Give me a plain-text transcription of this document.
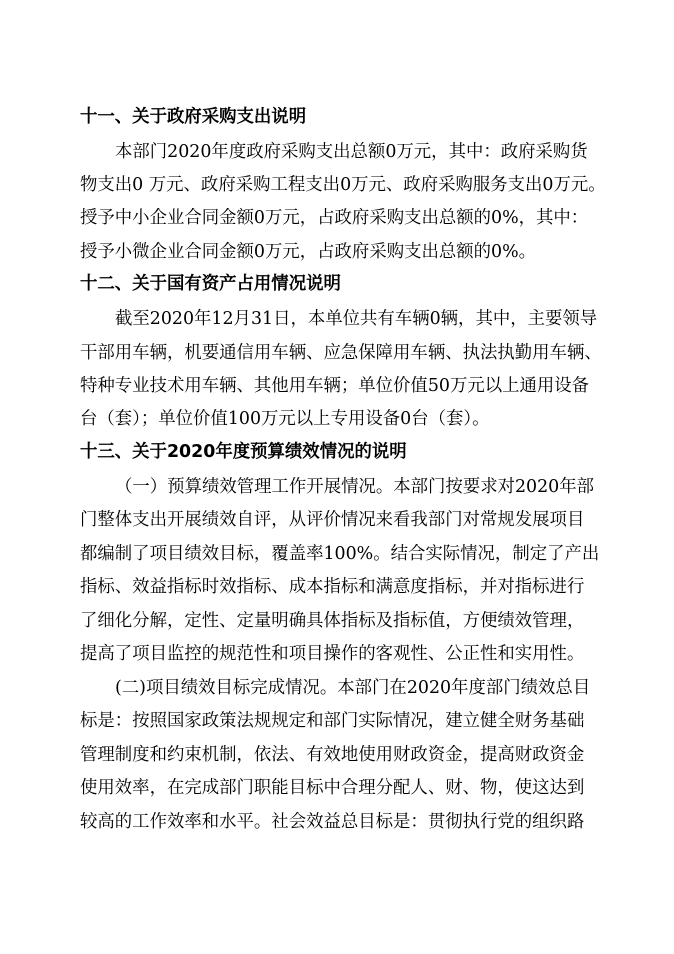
十一、关于政府采购支出说明
本部门2020年度政府采购支出总额0万元，其中：政府采购货
物支出0 万元、政府采购工程支出0万元、政府采购服务支出0万元。
授予中小企业合同金额0万元，占政府采购支出总额的0%，其中：
授予小微企业合同金额0万元，占政府采购支出总额的0%。
十二、关于国有资产占用情况说明
截至2020年12月31日，本单位共有车辆0辆，其中，主要领导
干部用车辆，机要通信用车辆、应急保障用车辆、执法执勤用车辆、
特种专业技术用车辆、其他用车辆；单位价值50万元以上通用设备
台（套）；单位价值100万元以上专用设备0台（套）。
十三、关于2020年度预算绩效情况的说明
（一）预算绩效管理工作开展情况。本部门按要求对2020年部
门整体支出开展绩效自评，从评价情况来看我部门对常规发展项目
都编制了项目绩效目标，覆盖率100%。结合实际情况，制定了产出
指标、效益指标时效指标、成本指标和满意度指标，并对指标进行
了细化分解，定性、定量明确具体指标及指标值，方便绩效管理，
提高了项目监控的规范性和项目操作的客观性、公正性和实用性。
(二)项目绩效目标完成情况。本部门在2020年度部门绩效总目
标是：按照国家政策法规规定和部门实际情况，建立健全财务基础
管理制度和约束机制，依法、有效地使用财政资金，提高财政资金
使用效率，在完成部门职能目标中合理分配人、财、物，使这达到
较高的工作效率和水平。社会效益总目标是：贯彻执行党的组织路
